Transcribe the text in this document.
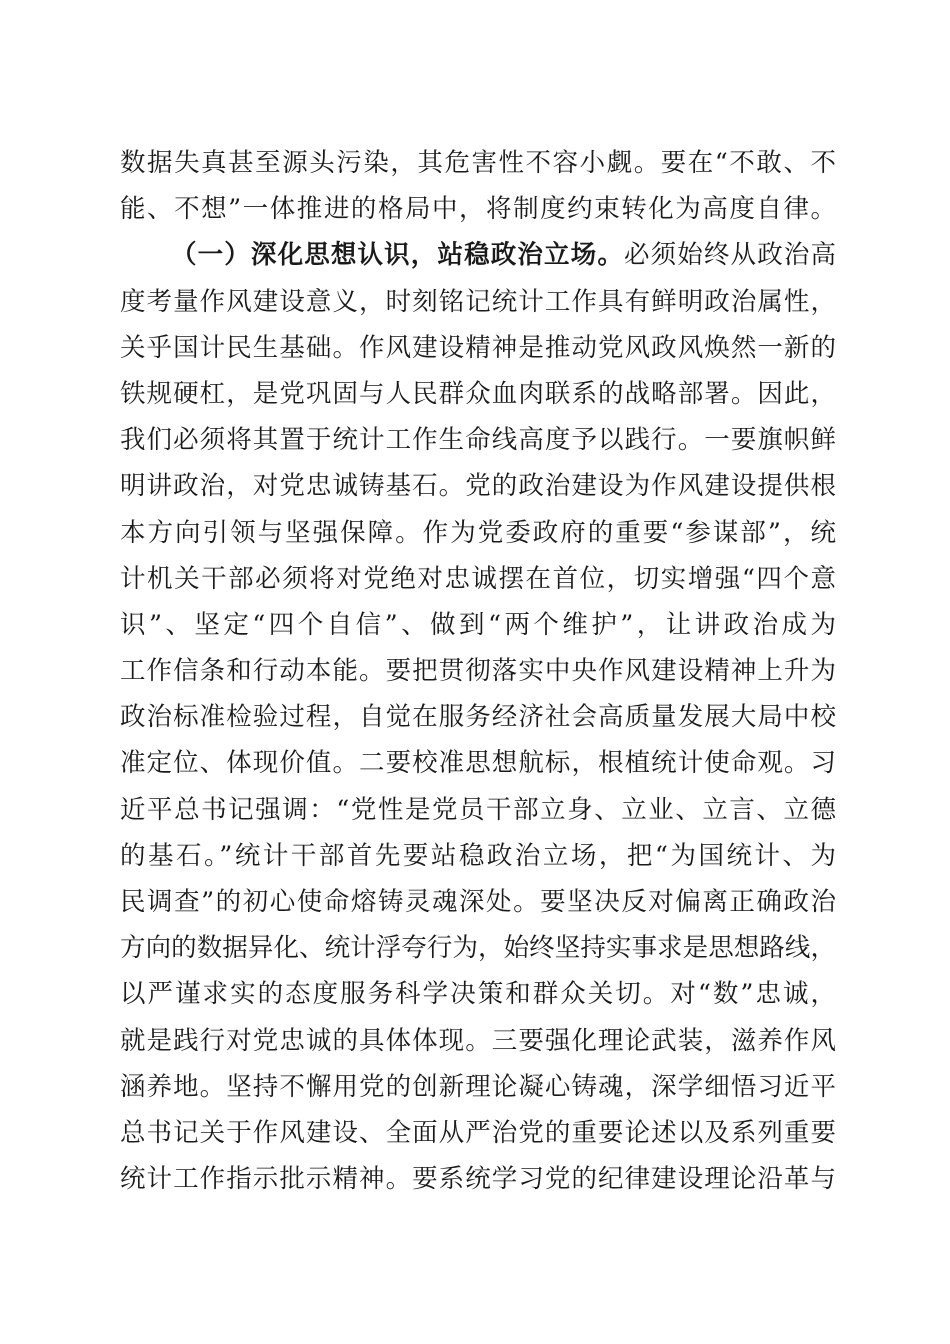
数据失真甚至源头污染，其危害性不容小觑。要在“不敢、不
能、不想”一体推进的格局中，将制度约束转化为高度自律。
（一）深化思想认识，站稳政治立场。必须始终从政治高
度考量作风建设意义，时刻铭记统计工作具有鲜明政治属性，
关乎国计民生基础。作风建设精神是推动党风政风焕然一新的
铁规硬杠，是党巩固与人民群众血肉联系的战略部署。因此，
我们必须将其置于统计工作生命线高度予以践行。一要旗帜鲜
明讲政治，对党忠诚铸基石。党的政治建设为作风建设提供根
本方向引领与坚强保障。作为党委政府的重要“参谋部”，统
计机关干部必须将对党绝对忠诚摆在首位，切实增强“四个意
识”、坚定“四个自信”、做到“两个维护”，让讲政治成为
工作信条和行动本能。要把贯彻落实中央作风建设精神上升为
政治标准检验过程，自觉在服务经济社会高质量发展大局中校
准定位、体现价值。二要校准思想航标，根植统计使命观。习
近平总书记强调：“党性是党员干部立身、立业、立言、立德
的基石。”统计干部首先要站稳政治立场，把“为国统计、为
民调查”的初心使命熔铸灵魂深处。要坚决反对偏离正确政治
方向的数据异化、统计浮夸行为，始终坚持实事求是思想路线，
以严谨求实的态度服务科学决策和群众关切。对“数”忠诚，
就是践行对党忠诚的具体体现。三要强化理论武装，滋养作风
涵养地。坚持不懈用党的创新理论凝心铸魂，深学细悟习近平
总书记关于作风建设、全面从严治党的重要论述以及系列重要
统计工作指示批示精神。要系统学习党的纪律建设理论沿革与
